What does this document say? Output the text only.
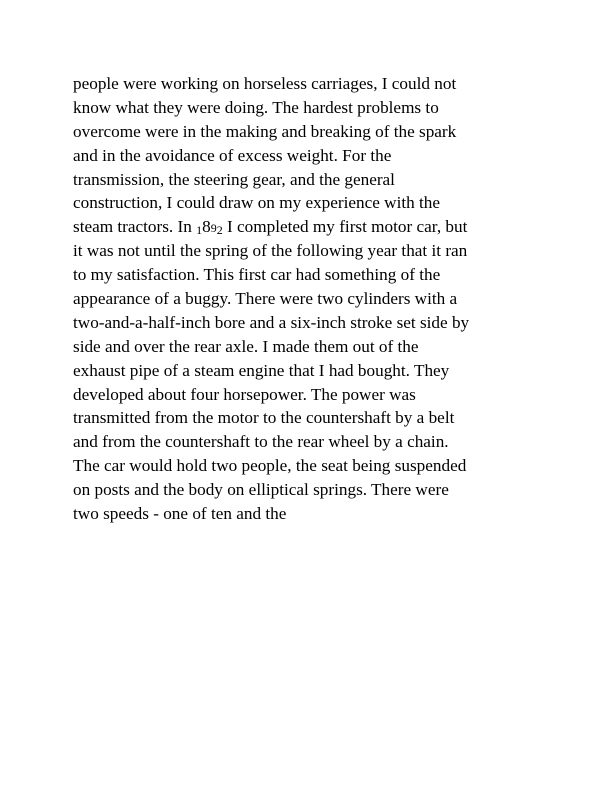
people were working on horseless carriages, I could not
know what they were doing. The hardest problems to
overcome were in the making and breaking of the spark
and in the avoidance of excess weight. For the
transmission, the steering gear, and the general
construction, I could draw on my experience with the
steam tractors. In 1892 I completed my first motor car, but
it was not until the spring of the following year that it ran
to my satisfaction. This first car had something of the
appearance of a buggy. There were two cylinders with a
two-and-a-half-inch bore and a six-inch stroke set side by
side and over the rear axle. I made them out of the
exhaust pipe of a steam engine that I had bought. They
developed about four horsepower. The power was
transmitted from the motor to the countershaft by a belt
and from the countershaft to the rear wheel by a chain.
The car would hold two people, the seat being suspended
on posts and the body on elliptical springs. There were
two speeds - one of ten and the
